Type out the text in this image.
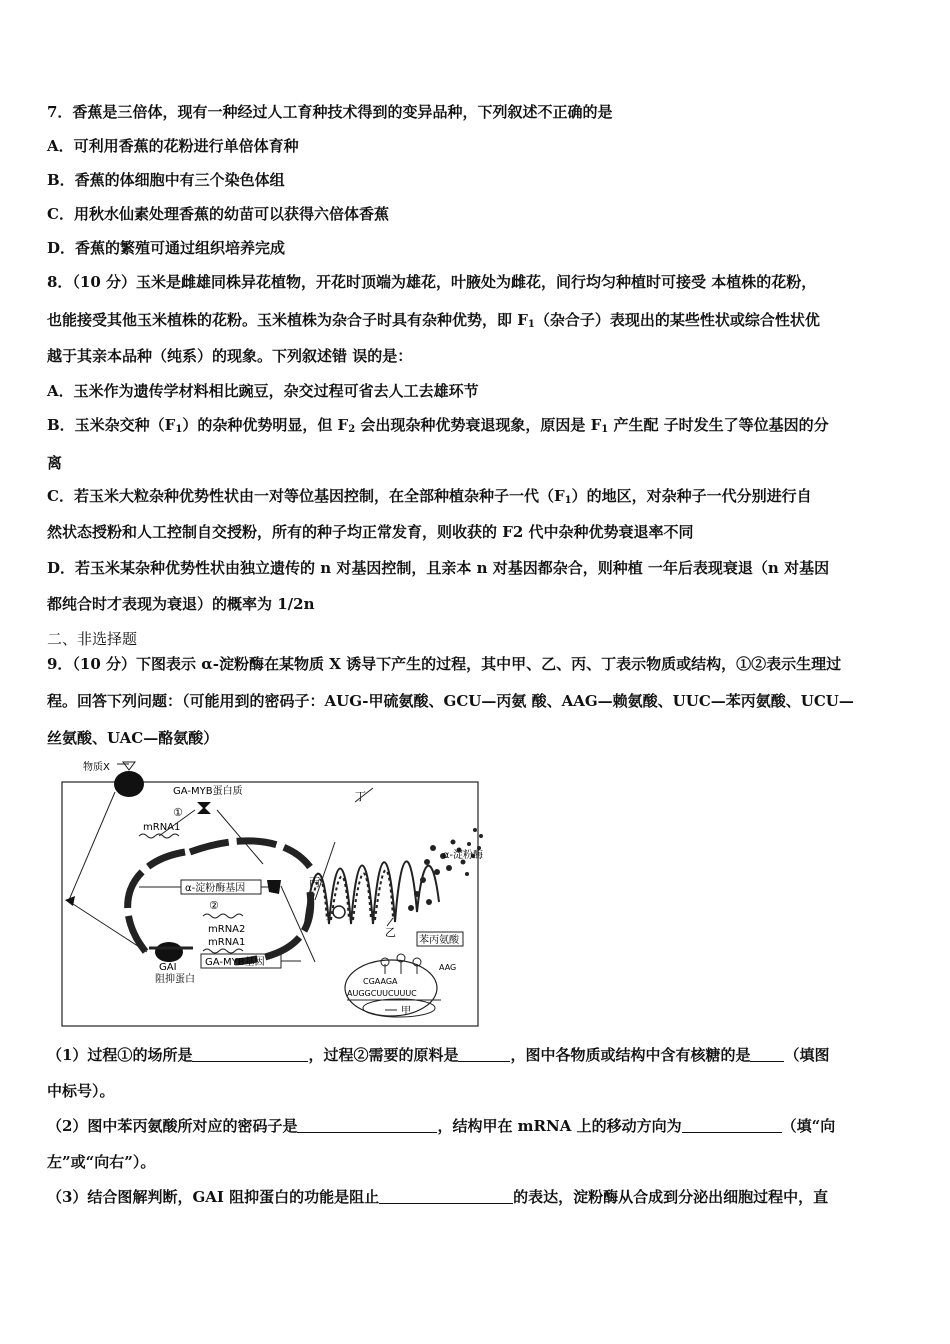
7．香蕉是三倍体，现有一种经过人工育种技术得到的变异品种，下列叙述不正确的是
A．可利用香蕉的花粉进行单倍体育种
B．香蕉的体细胞中有三个染色体组
C．用秋水仙素处理香蕉的幼苗可以获得六倍体香蕉
D．香蕉的繁殖可通过组织培养完成
8．（10 分）玉米是雌雄同株异花植物，开花时顶端为雄花，叶腋处为雌花，间行均匀种植时可接受 本植株的花粉，
也能接受其他玉米植株的花粉。玉米植株为杂合子时具有杂种优势，即 $F_1$（杂合子）表现出的某些性状或综合性状优
越于其亲本品种（纯系）的现象。下列叙述错 误的是：
A．玉米作为遗传学材料相比豌豆，杂交过程可省去人工去雄环节
B．玉米杂交种$(F_1)$的杂种优势明显，但 $F_2$ 会出现杂种优势衰退现象，原因是 $F_1$ 产生配 子时发生了等位基因的分
离
C．若玉米大粒杂种优势性状由一对等位基因控制，在全部种植杂种子一代$(F_1)$的地区，对杂种子一代分别进行自
然状态授粉和人工控制自交授粉，所有的种子均正常发育，则收获的 F2 代中杂种优势衰退率不同
D．若玉米某杂种优势性状由独立遗传的 n 对基因控制，且亲本 n 对基因都杂合，则种植 一年后表现衰退（n 对基因
都纯合时才表现为衰退）的概率为 1/2n
二、非选择题
9．（10 分）下图表示 α-淀粉酶在某物质 X 诱导下产生的过程，其中甲、乙、丙、丁表示物质或结构，①②表示生理过
程。回答下列问题：（可能用到的密码子：AUG-甲硫氨酸、GCU—丙氨 酸、AAG—赖氨酸、UUC—苯丙氨酸、UCU—
丝氨酸、UAC—酪氨酸）
物质X
GA-MYB蛋白质
①
mRNA1
丁
α-淀粉酶基因
②
mRNA2
mRNA1
GAI
阻抑蛋白
GA-MYB基因
丙
乙
α-淀粉酶
苯丙氨酸
AAG
CGAAGA
AUGGCUUCUUUC
甲
（1）过程①的场所是	，过程②需要的原料是	，图中各物质或结构中含有核糖的是 （填图
中标号）。
（2）图中苯丙氨酸所对应的密码子是	，结构甲在 mRNA 上的移动方向为	（填“向
左”或“向右”）。
（3）结合图解判断，GAI 阻抑蛋白的功能是阻止	的表达，淀粉酶从合成到分泌出细胞过程中，直
